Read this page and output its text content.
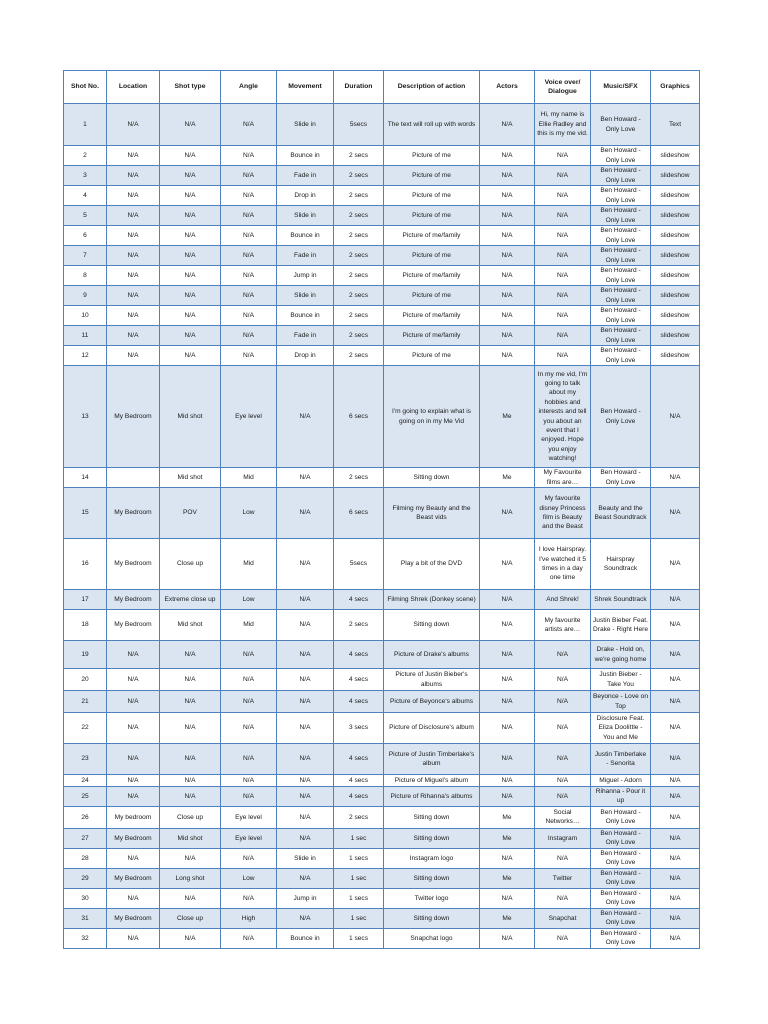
Shot No.	Location	Shot type	Angle	Movement	Duration	Description of action	Actors	Voice over/ Dialogue	Music/SFX	Graphics
1	N/A	N/A	N/A	Slide in	5secs	The text will roll up with words	N/A	Hi, my name is Ellie Radley and this is my me vid.	Ben Howard - Only Love	Text
2	N/A	N/A	N/A	Bounce in	2 secs	Picture of me	N/A	N/A	Ben Howard - Only Love	slideshow
3	N/A	N/A	N/A	Fade in	2 secs	Picture of me	N/A	N/A	Ben Howard - Only Love	slideshow
4	N/A	N/A	N/A	Drop in	2 secs	Picture of me	N/A	N/A	Ben Howard - Only Love	slideshow
5	N/A	N/A	N/A	Slide in	2 secs	Picture of me	N/A	N/A	Ben Howard - Only Love	slideshow
6	N/A	N/A	N/A	Bounce in	2 secs	Picture of me/family	N/A	N/A	Ben Howard - Only Love	slideshow
7	N/A	N/A	N/A	Fade in	2 secs	Picture of me	N/A	N/A	Ben Howard - Only Love	slideshow
8	N/A	N/A	N/A	Jump in	2 secs	Picture of me/family	N/A	N/A	Ben Howard - Only Love	slideshow
9	N/A	N/A	N/A	Slide in	2 secs	Picture of me	N/A	N/A	Ben Howard - Only Love	slideshow
10	N/A	N/A	N/A	Bounce in	2 secs	Picture of me/family	N/A	N/A	Ben Howard - Only Love	slideshow
11	N/A	N/A	N/A	Fade in	2 secs	Picture of me/family	N/A	N/A	Ben Howard - Only Love	slideshow
12	N/A	N/A	N/A	Drop in	2 secs	Picture of me	N/A	N/A	Ben Howard - Only Love	slideshow
13	My Bedroom	Mid shot	Eye level	N/A	6 secs	I'm going to explain what is going on in my Me Vid	Me	In my me vid, I'm going to talk about my hobbies and interests and tell you about an event that I enjoyed. Hope you enjoy watching!	Ben Howard - Only Love	N/A
14		Mid shot	Mid	N/A	2 secs	Sitting down	Me	My Favourite films are…	Ben Howard - Only Love	N/A
15	My Bedroom	POV	Low	N/A	6 secs	Filming my Beauty and the Beast vids	N/A	My favourite disney Princess film is Beauty and the Beast	Beauty and the Beast Soundtrack	N/A
16	My Bedroom	Close up	Mid	N/A	5secs	Play a bit of the DVD	N/A	I love Hairspray. I've watched it 5 times in a day one time	Hairspray Soundtrack	N/A
17	My Bedroom	Extreme close up	Low	N/A	4 secs	Filming Shrek (Donkey scene)	N/A	And Shrek!	Shrek Soundtrack	N/A
18	My Bedroom	Mid shot	Mid	N/A	2 secs	Sitting down	N/A	My favourite artists are…	Justin Bieber Feat. Drake - Right Here	N/A
19	N/A	N/A	N/A	N/A	4 secs	Picture of Drake's albums	N/A	N/A	Drake - Hold on, we're going home	N/A
20	N/A	N/A	N/A	N/A	4 secs	Picture of Justin Bieber's albums	N/A	N/A	Justin Bieber - Take You	N/A
21	N/A	N/A	N/A	N/A	4 secs	Picture of Beyonce's albums	N/A	N/A	Beyonce - Love on Top	N/A
22	N/A	N/A	N/A	N/A	3 secs	Picture of Disclosure's album	N/A	N/A	Disclosure Feat. Eliza Doolittle - You and Me	N/A
23	N/A	N/A	N/A	N/A	4 secs	Picture of Justin Timberlake's album	N/A	N/A	Justin Timberlake - Senorita	N/A
24	N/A	N/A	N/A	N/A	4 secs	Picture of Miguel's album	N/A	N/A	Miguel - Adorn	N/A
25	N/A	N/A	N/A	N/A	4 secs	Picture of Rihanna's albums	N/A	N/A	Rihanna - Pour it up	N/A
26	My bedroom	Close up	Eye level	N/A	2 secs	Sitting down	Me	Social Networks…	Ben Howard - Only Love	N/A
27	My Bedroom	Mid shot	Eye level	N/A	1 sec	Sitting down	Me	Instagram	Ben Howard - Only Love	N/A
28	N/A	N/A	N/A	Slide in	1 secs	Instagram logo	N/A	N/A	Ben Howard - Only Love	N/A
29	My Bedroom	Long shot	Low	N/A	1 sec	Sitting down	Me	Twitter	Ben Howard - Only Love	N/A
30	N/A	N/A	N/A	Jump in	1 secs	Twitter logo	N/A	N/A	Ben Howard - Only Love	N/A
31	My Bedroom	Close up	High	N/A	1 sec	Sitting down	Me	Snapchat	Ben Howard - Only Love	N/A
32	N/A	N/A	N/A	Bounce in	1 secs	Snapchat logo	N/A	N/A	Ben Howard - Only Love	N/A
